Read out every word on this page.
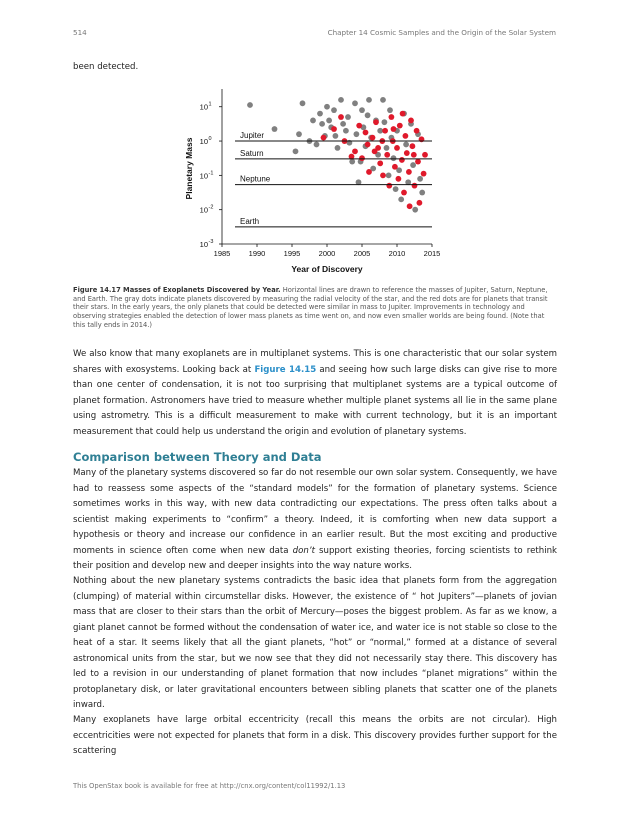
514	Chapter 14 Cosmic Samples and the Origin of the Solar System
been detected.
Jupiter
Saturn
Neptune
Earth
1985 1990 1995 2000 2005 2010 2015
10 -3
10 -2
10 -1
10 0
10 1
Year of Discovery
Planetary Mass
Figure 14.17 Masses of Exoplanets Discovered by Year. Horizontal lines are drawn to reference the masses of Jupiter, Saturn, Neptune, and Earth. The gray dots indicate planets discovered by measuring the radial velocity of the star, and the red dots are for planets that transit their stars. In the early years, the only planets that could be detected were similar in mass to Jupiter. Improvements in technology and observing strategies enabled the detection of lower mass planets as time went on, and now even smaller worlds are being found. (Note that this tally ends in 2014.)

We also know that many exoplanets are in multiplanet systems. This is one characteristic that our solar system shares with exosystems. Looking back at Figure 14.15 and seeing how such large disks can give rise to more than one center of condensation, it is not too surprising that multiplanet systems are a typical outcome of planet formation. Astronomers have tried to measure whether multiple planet systems all lie in the same plane using astrometry. This is a difficult measurement to make with current technology, but it is an important measurement that could help us understand the origin and evolution of planetary systems.

Comparison between Theory and Data

Many of the planetary systems discovered so far do not resemble our own solar system. Consequently, we have had to reassess some aspects of the “standard models” for the formation of planetary systems. Science sometimes works in this way, with new data contradicting our expectations. The press often talks about a scientist making experiments to “confirm” a theory. Indeed, it is comforting when new data support a hypothesis or theory and increase our confidence in an earlier result. But the most exciting and productive moments in science often come when new data don’t support existing theories, forcing scientists to rethink their position and develop new and deeper insights into the way nature works.

Nothing about the new planetary systems contradicts the basic idea that planets form from the aggregation (clumping) of material within circumstellar disks. However, the existence of “ hot Jupiters”—planets of jovian mass that are closer to their stars than the orbit of Mercury—poses the biggest problem. As far as we know, a giant planet cannot be formed without the condensation of water ice, and water ice is not stable so close to the heat of a star. It seems likely that all the giant planets, “hot” or “normal,” formed at a distance of several astronomical units from the star, but we now see that they did not necessarily stay there. This discovery has led to a revision in our understanding of planet formation that now includes “planet migrations” within the protoplanetary disk, or later gravitational encounters between sibling planets that scatter one of the planets inward.
Many exoplanets have large orbital eccentricity (recall this means the orbits are not circular). High eccentricities were not expected for planets that form in a disk. This discovery provides further support for the scattering
This OpenStax book is available for free at http://cnx.org/content/col11992/1.13
